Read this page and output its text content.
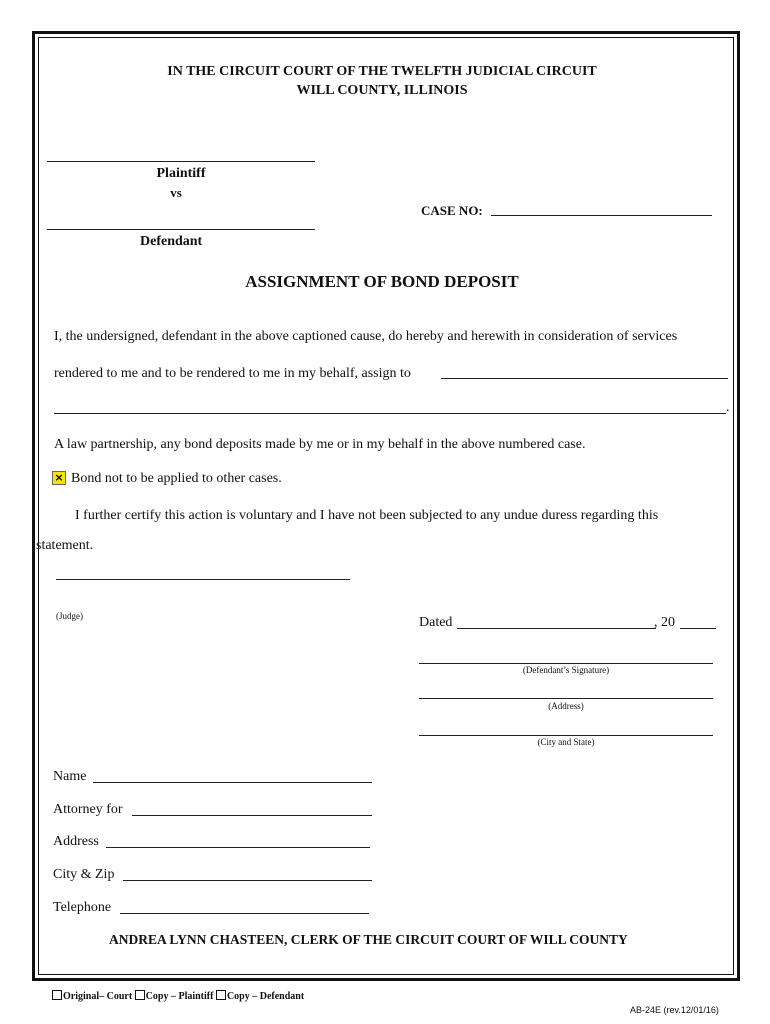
IN THE CIRCUIT COURT OF THE TWELFTH JUDICIAL CIRCUIT
WILL COUNTY, ILLINOIS
Plaintiff
vs
CASE NO:
Defendant
ASSIGNMENT OF BOND DEPOSIT
I, the undersigned, defendant in the above captioned cause, do hereby and herewith in consideration of services
rendered to me and to be rendered to me in my behalf, assign to
.
A law partnership, any bond deposits made by me or in my behalf in the above numbered case.
× Bond not to be applied to other cases.
I further certify this action is voluntary and I have not been subjected to any undue duress regarding this
statement.
(Judge)	Dated	, 20
(Defendant’s Signature)
(Address)
(City and State)
Name
Attorney for
Address
City & Zip
Telephone
ANDREA LYNN CHASTEEN, CLERK OF THE CIRCUIT COURT OF WILL COUNTY
Original– Court Copy – Plaintiff Copy – Defendant
AB-24E (rev.12/01/16)
